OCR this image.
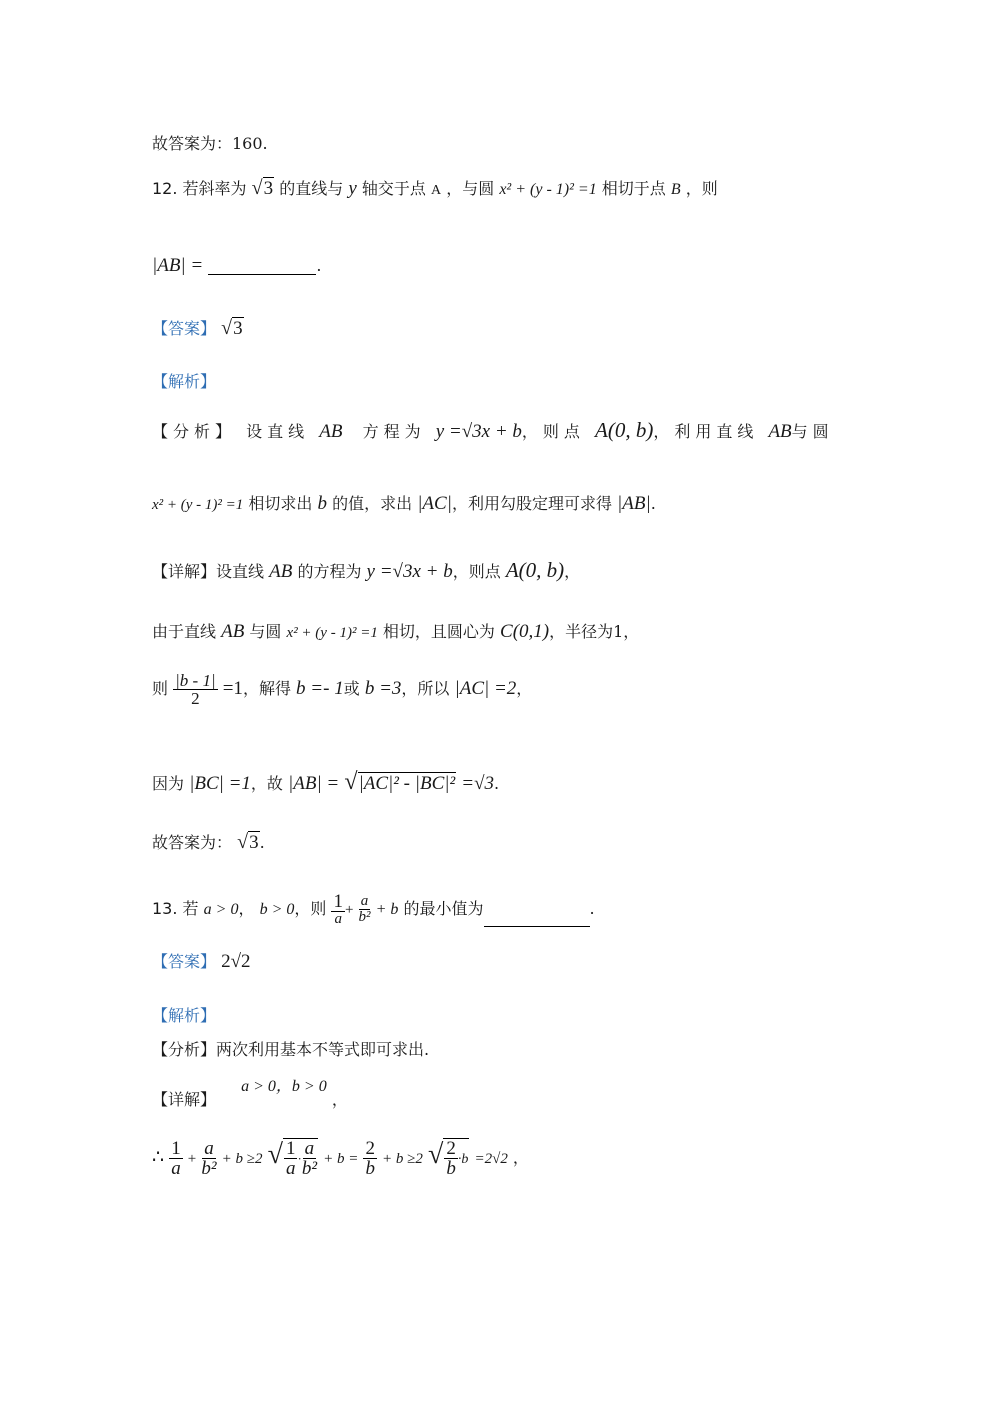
故答案为：160.
12. 若斜率为 √3 的直线与 y 轴交于点 A ，与圆 x² + (y - 1)² =1 相切于点 B ，则
|AB| =	.
【答案】 √3
【解析】
【分析】 设直线 AB 方程为 y =√3x + b，则点 A(0, b)，利用直线 AB与圆
x² + (y - 1)² =1 相切求出 b 的值，求出 |AC|，利用勾股定理可求得 |AB|.
【详解】设直线 AB 的方程为 y =√3x + b，则点 A(0, b)，
由于直线 AB 与圆 x² + (y - 1)² =1 相切，且圆心为 C(0,1)，半径为1，
则 $\frac{|b - 1|}{2} =1$，解得 b =- 1或 b =3，所以 |AC| =2，
因为 |BC| =1，故 |AB| = √|AC|² - |BC|² =√3.
故答案为： √3.
13. 若 a > 0， b > 0，则 $\frac{1}{a} + \frac{a}{\text{b²}} + b$ 的最小值为	.
【答案】 2√2
【解析】
【分析】两次利用基本不等式即可求出.
【详解】 a > 0，b > 0 ，
∴ $\frac{1}{a} + \frac{a}{\text{b²}} + b \ge 2$ √ $\frac{1}{a} \cdot \frac{a}{\text{b²}} + b = \frac{2}{b} + b \ge 2$ √ $\frac{2}{b} \cdot b =2√2$ ，
